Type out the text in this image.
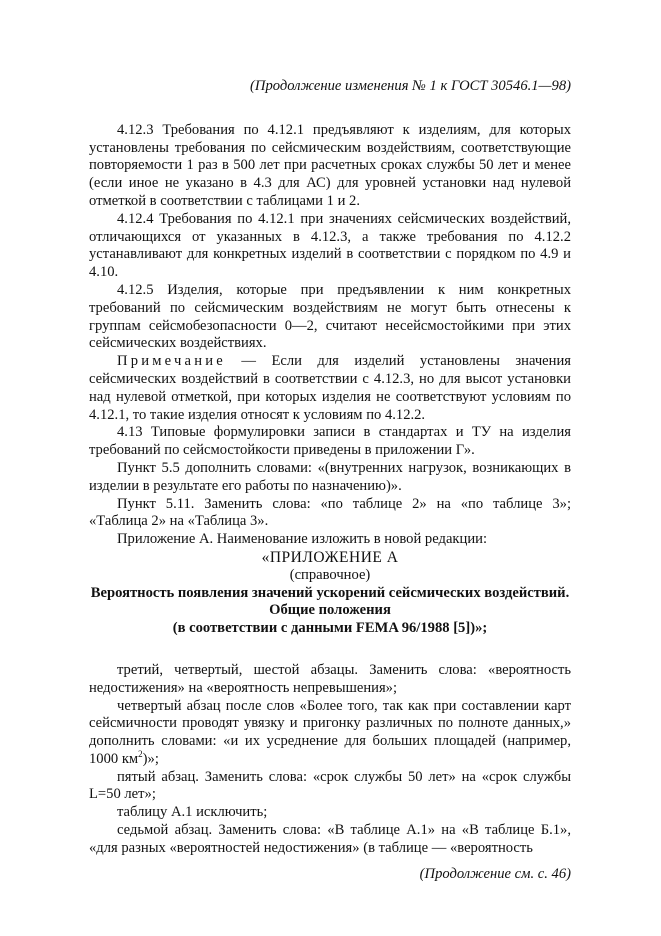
(Продолжение изменения № 1 к ГОСТ 30546.1—98)

4.12.3 Требования по 4.12.1 предъявляют к изделиям, для которых установлены требования по сейсмическим воздействиям, соответствующие повторяемости 1 раз в 500 лет при расчетных сроках службы 50 лет и менее (если иное не указано в 4.3 для АС) для уровней установки над нулевой отметкой в соответствии с таблицами 1 и 2.

4.12.4 Требования по 4.12.1 при значениях сейсмических воздействий, отличающихся от указанных в 4.12.3, а также требования по 4.12.2 устанавливают для конкретных изделий в соответствии с порядком по 4.9 и 4.10.

4.12.5 Изделия, которые при предъявлении к ним конкретных требований по сейсмическим воздействиям не могут быть отнесены к группам сейсмобезопасности 0—2, считают несейсмостойкими при этих сейсмических воздействиях.

Примечание — Если для изделий установлены значения сейсмических воздействий в соответствии с 4.12.3, но для высот установки над нулевой отметкой, при которых изделия не соответствуют условиям по 4.12.1, то такие изделия относят к условиям по 4.12.2.

4.13 Типовые формулировки записи в стандартах и ТУ на изделия требований по сейсмостойкости приведены в приложении Г».

Пункт 5.5 дополнить словами: «(внутренних нагрузок, возникающих в изделии в результате его работы по назначению)».

Пункт 5.11. Заменить слова: «по таблице 2» на «по таблице 3»; «Таблица 2» на «Таблица 3».

Приложение А. Наименование изложить в новой редакции:

«ПРИЛОЖЕНИЕ А
(справочное)
Вероятность появления значений ускорений сейсмических воздействий.
Общие положения
(в соответствии с данными FEMA 96/1988 [5])»;

третий, четвертый, шестой абзацы. Заменить слова: «вероятность недостижения» на «вероятность непревышения»;

четвертый абзац после слов «Более того, так как при составлении карт сейсмичности проводят увязку и пригонку различных по полноте данных,» дополнить словами: «и их усреднение для больших площадей (например, 1000 $км^2$)»;

пятый абзац. Заменить слова: «срок службы 50 лет» на «срок службы L=50 лет»;

таблицу А.1 исключить;

седьмой абзац. Заменить слова: «В таблице А.1» на «В таблице Б.1», «для разных «вероятностей недостижения» (в таблице — «вероятность

(Продолжение см. с. 46)
